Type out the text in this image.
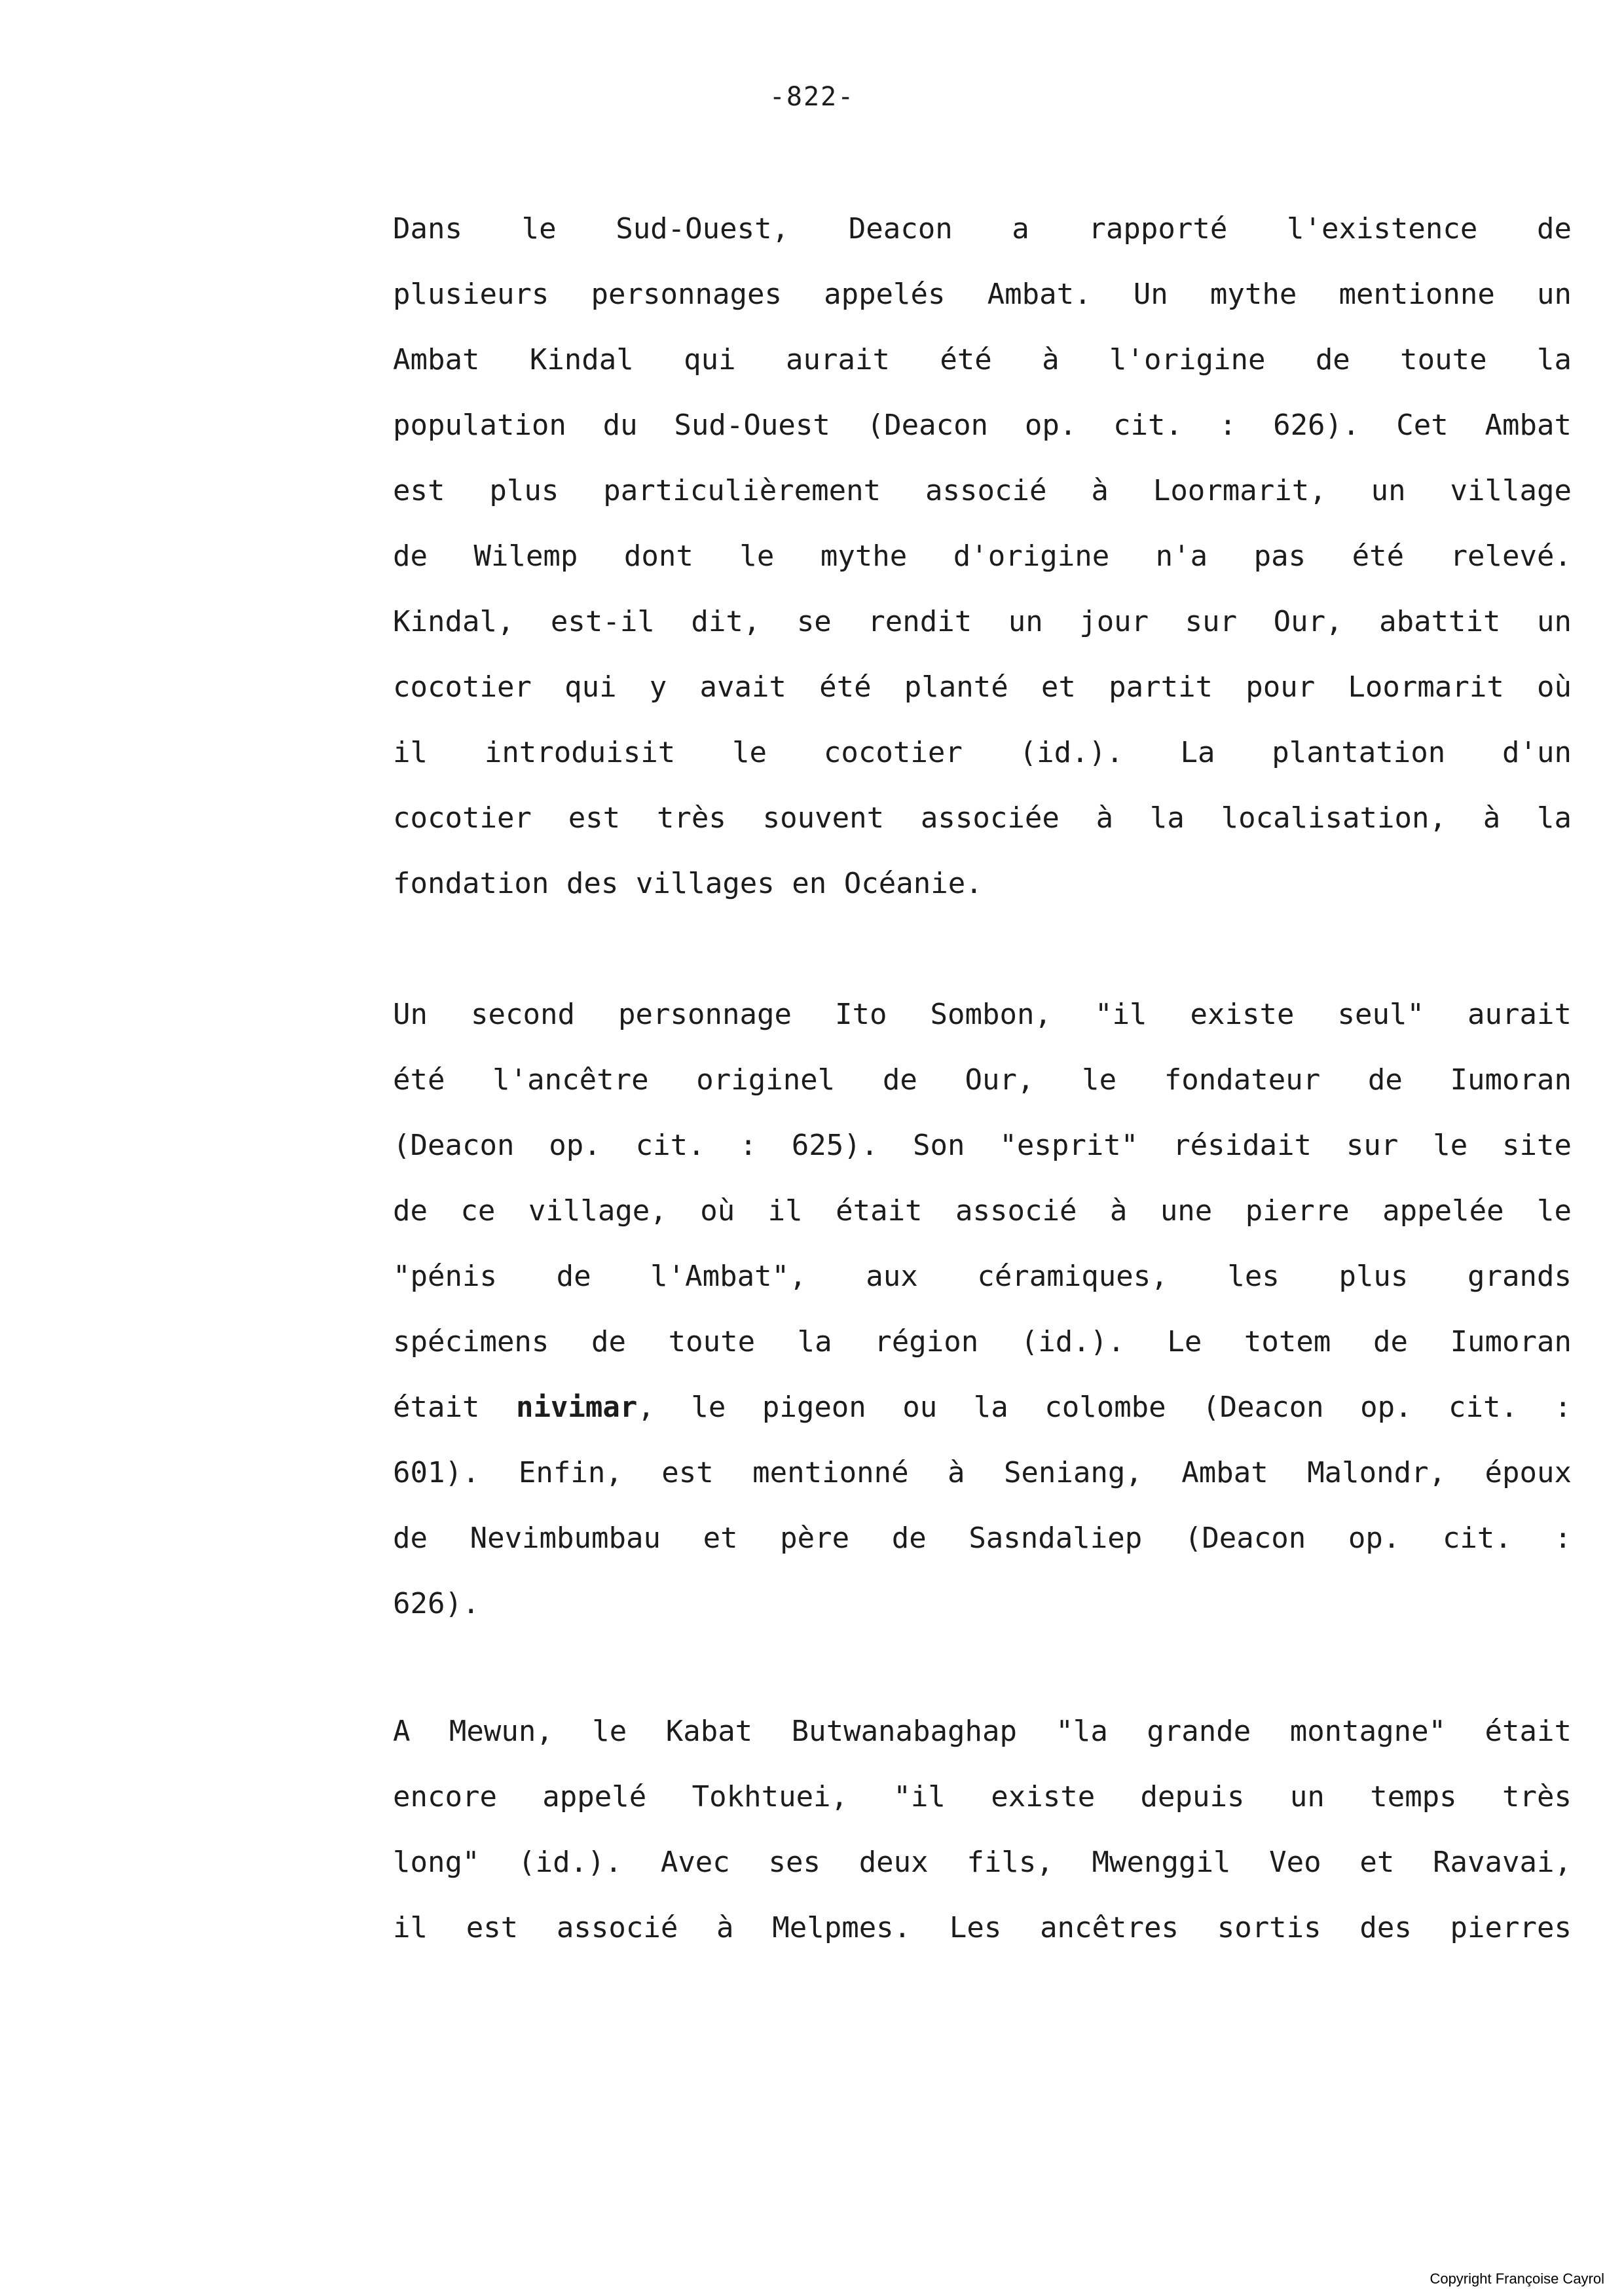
-822-
Dans le Sud-Ouest, Deacon a rapporté l'existence de
plusieurs personnages appelés Ambat. Un mythe mentionne un
Ambat Kindal qui aurait été à l'origine de toute la
population du Sud-Ouest (Deacon op. cit. : 626). Cet Ambat
est plus particulièrement associé à Loormarit, un village
de Wilemp dont le mythe d'origine n'a pas été relevé.
Kindal, est-il dit, se rendit un jour sur Our, abattit un
cocotier qui y avait été planté et partit pour Loormarit où
il introduisit le cocotier (id.). La plantation d'un
cocotier est très souvent associée à la localisation, à la
fondation des villages en Océanie.
Un second personnage Ito Sombon, "il existe seul" aurait
été l'ancêtre originel de Our, le fondateur de Iumoran
(Deacon op. cit. : 625). Son "esprit" résidait sur le site
de ce village, où il était associé à une pierre appelée le
"pénis de l'Ambat", aux céramiques, les plus grands
spécimens de toute la région (id.). Le totem de Iumoran
était nivimar, le pigeon ou la colombe (Deacon op. cit. :
601). Enfin, est mentionné à Seniang, Ambat Malondr, époux
de Nevimbumbau et père de Sasndaliep (Deacon op. cit. :
626).
A Mewun, le Kabat Butwanabaghap "la grande montagne" était
encore appelé Tokhtuei, "il existe depuis un temps très
long" (id.). Avec ses deux fils, Mwenggil Veo et Ravavai,
il est associé à Melpmes. Les ancêtres sortis des pierres
Copyright Françoise Cayrol
